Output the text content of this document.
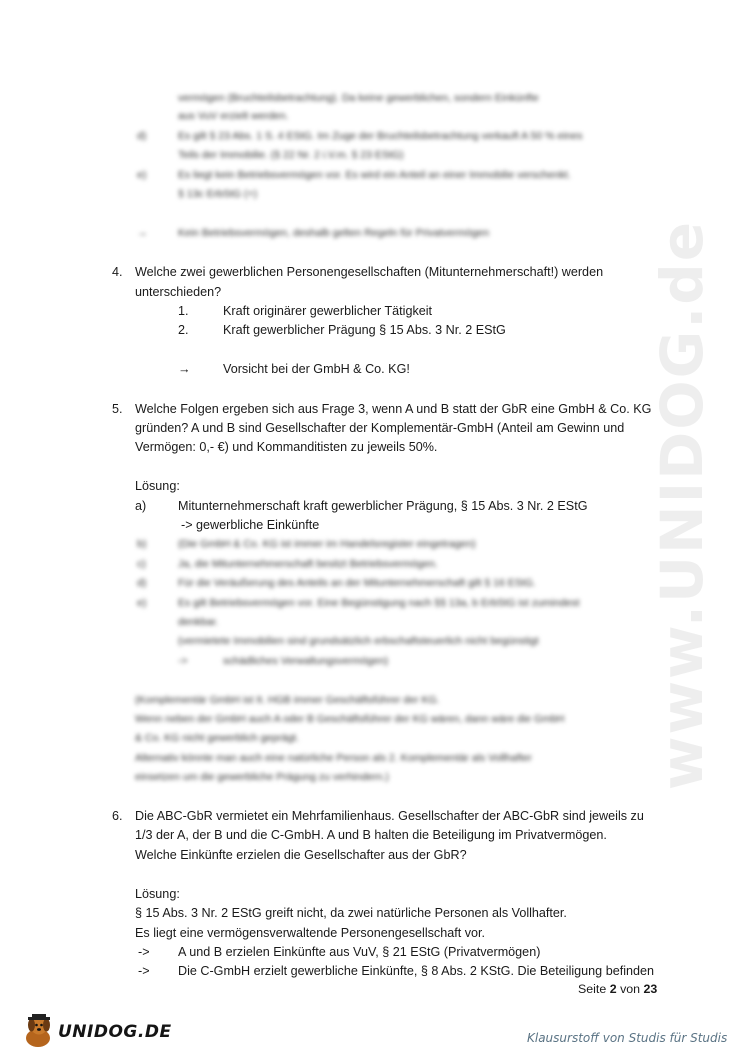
www.UNIDOG.de
vermögen (Bruchteilsbetrachtung). Da keine gewerblichen, sondern Einkünfte
aus VuV erzielt werden.
d)	Es gilt § 23 Abs. 1 S. 4 EStG. Im Zuge der Bruchteilsbetrachtung verkauft A 50 % eines
Teils der Immobilie. (§ 22 Nr. 2 i.V.m. § 23 EStG)
e)	Es liegt kein Betriebsvermögen vor. Es wird ein Anteil an einer Immobilie verschenkt.
§ 13c ErbStG (+)
→	Kein Betriebsvermögen, deshalb gelten Regeln für Privatvermögen
4. Welche zwei gewerblichen Personengesellschaften (Mitunternehmerschaft!) werden
unterschieden?
1.	Kraft originärer gewerblicher Tätigkeit
2.	Kraft gewerblicher Prägung § 15 Abs. 3 Nr. 2 EStG
→	Vorsicht bei der GmbH & Co. KG!
5. Welche Folgen ergeben sich aus Frage 3, wenn A und B statt der GbR eine GmbH & Co. KG
gründen? A und B sind Gesellschafter der Komplementär-GmbH (Anteil am Gewinn und
Vermögen: 0,- €) und Kommanditisten zu jeweils 50%.
Lösung:
a)	Mitunternehmerschaft kraft gewerblicher Prägung, § 15 Abs. 3 Nr. 2 EStG
-> gewerbliche Einkünfte
b)	(Die GmbH & Co. KG ist immer im Handelsregister eingetragen)
c)	Ja, die Mitunternehmerschaft besitzt Betriebsvermögen.
d)	Für die Veräußerung des Anteils an der Mitunternehmerschaft gilt § 16 EStG.
e)	Es gilt Betriebsvermögen vor. Eine Begünstigung nach §§ 13a, b ErbStG ist zumindest
denkbar.
(vermietete Immobilien sind grundsätzlich erbschaftsteuerlich nicht begünstigt
->	schädliches Verwaltungsvermögen)
(Komplementär GmbH ist It. HGB immer Geschäftsführer der KG.
Wenn neben der GmbH auch A oder B Geschäftsführer der KG wären, dann wäre die GmbH
& Co. KG nicht gewerblich geprägt.
Alternativ könnte man auch eine natürliche Person als 2. Komplementär als Vollhafter
einsetzen um die gewerbliche Prägung zu verhindern.)
6. Die ABC-GbR vermietet ein Mehrfamilienhaus. Gesellschafter der ABC-GbR sind jeweils zu
1/3 der A, der B und die C-GmbH. A und B halten die Beteiligung im Privatvermögen.
Welche Einkünfte erzielen die Gesellschafter aus der GbR?
Lösung:
§ 15 Abs. 3 Nr. 2 EStG greift nicht, da zwei natürliche Personen als Vollhafter.
Es liegt eine vermögensverwaltende Personengesellschaft vor.
-> A und B erzielen Einkünfte aus VuV, § 21 EStG (Privatvermögen)
-> Die C-GmbH erzielt gewerbliche Einkünfte, § 8 Abs. 2 KStG. Die Beteiligung befinden
Seite 2 von 23
UNIDOG.DE	Klausurstoff von Studis für Studis
